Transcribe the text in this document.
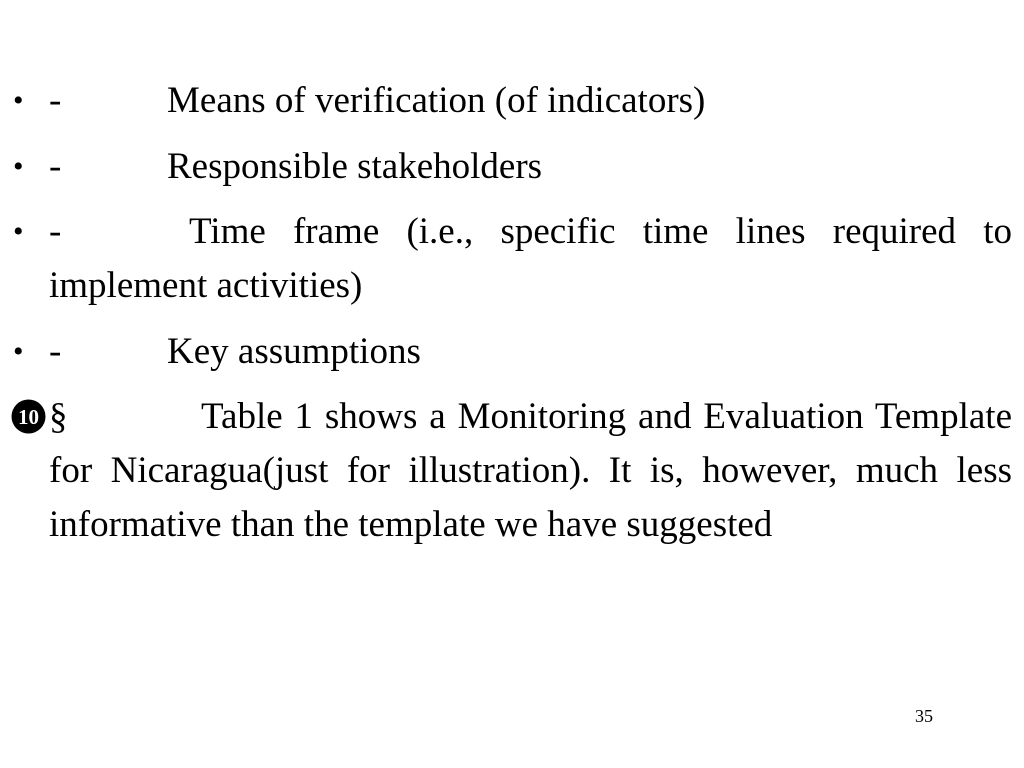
• -	Means of verification (of indicators)
• -	Responsible stakeholders
• -	Time frame (i.e., specific time lines required to implement activities)
• -	Key assumptions
10 §	Table 1 shows a Monitoring and Evaluation Template for Nicaragua(just for illustration). It is, however, much less informative than the template we have suggested
35
